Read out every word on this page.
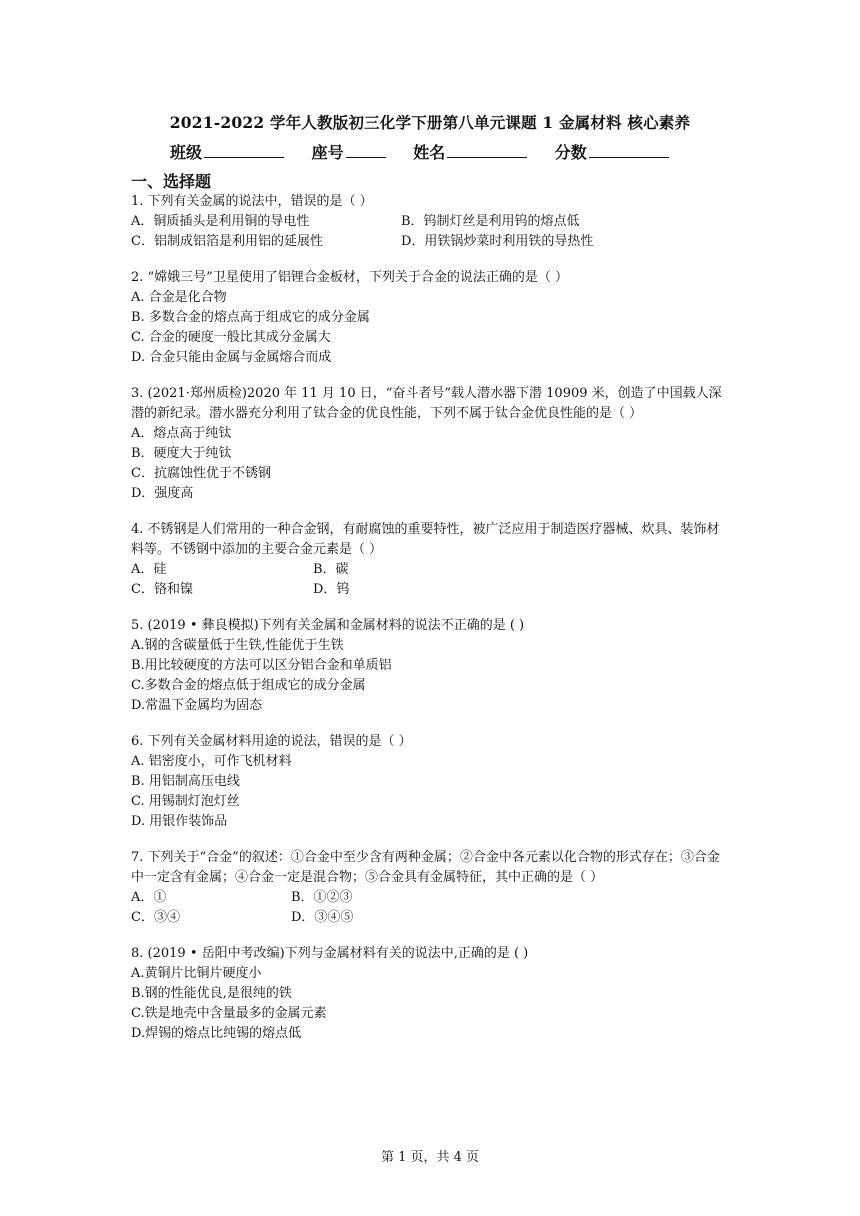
2021-2022 学年人教版初三化学下册第八单元课题 1 金属材料 核心素养
班级	座号	姓名	分数
一、选择题
1. 下列有关金属的说法中，错误的是（ ）
A．铜质插头是利用铜的导电性	B．钨制灯丝是利用钨的熔点低
C．铝制成铝箔是利用铝的延展性	D．用铁锅炒菜时利用铁的导热性
2. “嫦娥三号”卫星使用了铝锂合金板材，下列关于合金的说法正确的是（ ）
A. 合金是化合物
B. 多数合金的熔点高于组成它的成分金属
C. 合金的硬度一般比其成分金属大
D. 合金只能由金属与金属熔合而成
3. (2021·郑州质检)2020 年 11 月 10 日，“奋斗者号”载人潜水器下潜 10909 米，创造了中国载人深潜的新纪录。潜水器充分利用了钛合金的优良性能，下列不属于钛合金优良性能的是（ ）
A．熔点高于纯钛
B．硬度大于纯钛
C．抗腐蚀性优于不锈钢
D．强度高
4. 不锈钢是人们常用的一种合金钢，有耐腐蚀的重要特性，被广泛应用于制造医疗器械、炊具、装饰材料等。不锈钢中添加的主要合金元素是（ ）
A．硅	B．碳
C．铬和镍	D．钨
5. (2019 • 彝良模拟)下列有关金属和金属材料的说法不正确的是 ( )
A.钢的含碳量低于生铁,性能优于生铁
B.用比较硬度的方法可以区分铝合金和单质铝
C.多数合金的熔点低于组成它的成分金属
D.常温下金属均为固态
6. 下列有关金属材料用途的说法，错误的是（ ）
A. 铝密度小，可作飞机材料
B. 用铝制高压电线
C. 用锡制灯泡灯丝
D. 用银作装饰品
7. 下列关于“合金”的叙述：①合金中至少含有两种金属；②合金中各元素以化合物的形式存在；③合金中一定含有金属；④合金一定是混合物；⑤合金具有金属特征，其中正确的是（ ）
A．①	B．①②③
C．③④	D．③④⑤
8. (2019 • 岳阳中考改编)下列与金属材料有关的说法中,正确的是 ( )
A.黄铜片比铜片硬度小
B.钢的性能优良,是很纯的铁
C.铁是地壳中含量最多的金属元素
D.焊锡的熔点比纯锡的熔点低
第 1 页，共 4 页
